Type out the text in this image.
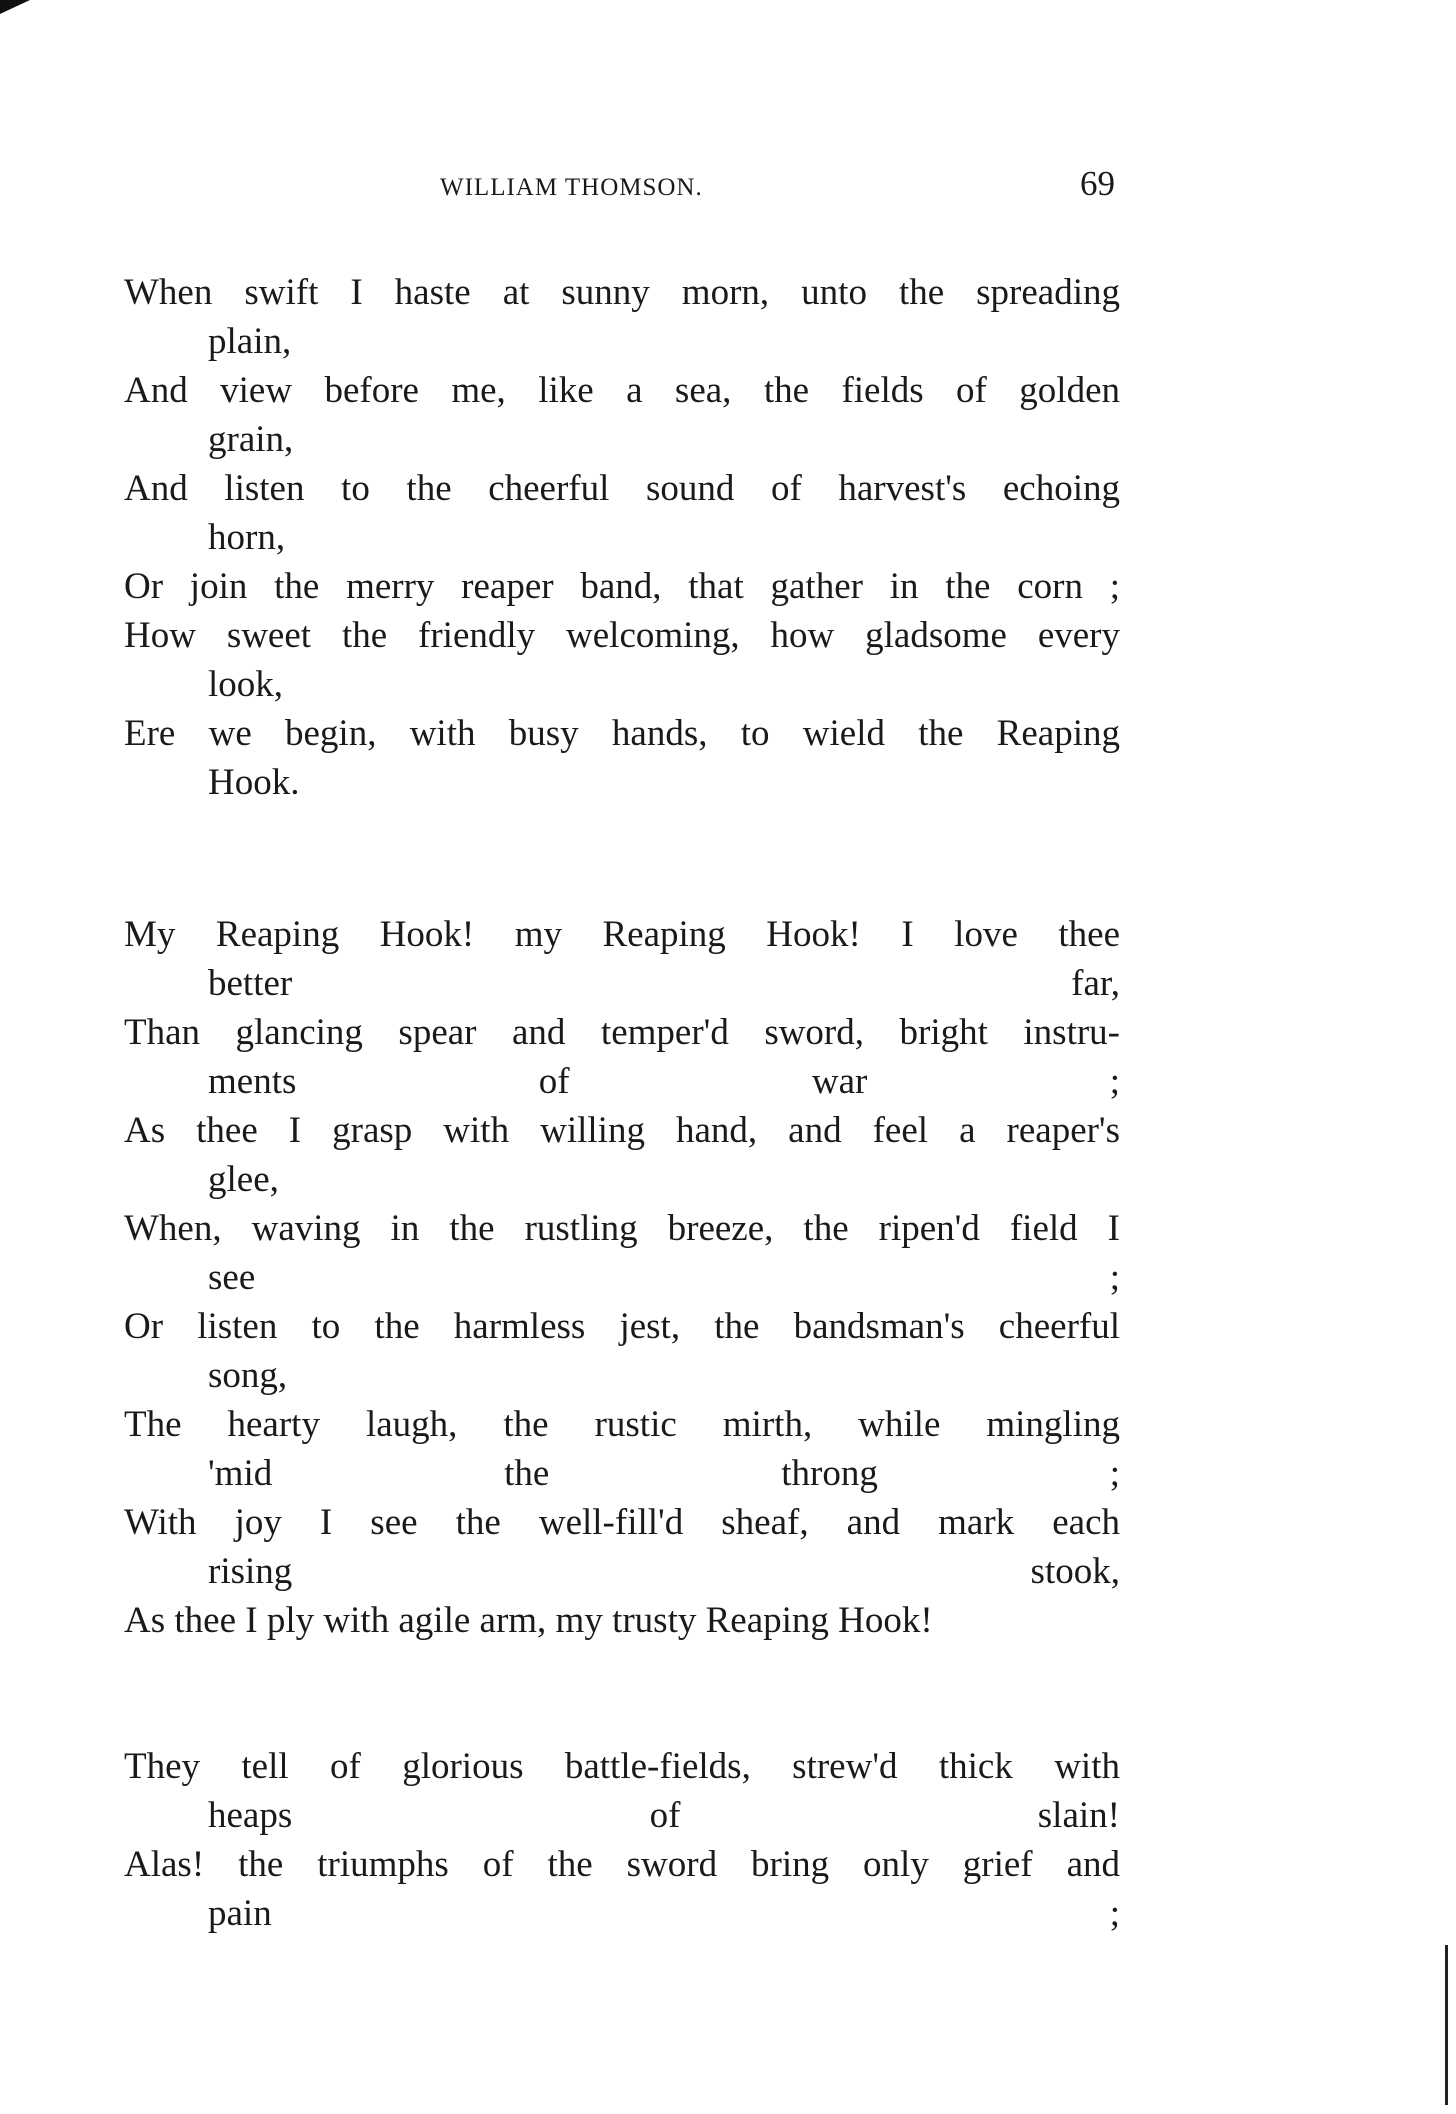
WILLIAM THOMSON.	69

When swift I haste at sunny morn, unto the spreading

plain,

And view before me, like a sea, the fields of golden

grain,

And listen to the cheerful sound of harvest's echoing

horn,

Or join the merry reaper band, that gather in the corn ;

How sweet the friendly welcoming, how gladsome every

look,

Ere we begin, with busy hands, to wield the Reaping

Hook.

My Reaping Hook! my Reaping Hook! I love thee

better far,

Than glancing spear and temper'd sword, bright instru-

ments of war ;

As thee I grasp with willing hand, and feel a reaper's

glee,

When, waving in the rustling breeze, the ripen'd field I

see ;

Or listen to the harmless jest, the bandsman's cheerful

song,

The hearty laugh, the rustic mirth, while mingling

'mid the throng ;

With joy I see the well-fill'd sheaf, and mark each

rising stook,

As thee I ply with agile arm, my trusty Reaping Hook!

They tell of glorious battle-fields, strew'd thick with

heaps of slain!

Alas! the triumphs of the sword bring only grief and

pain ;
